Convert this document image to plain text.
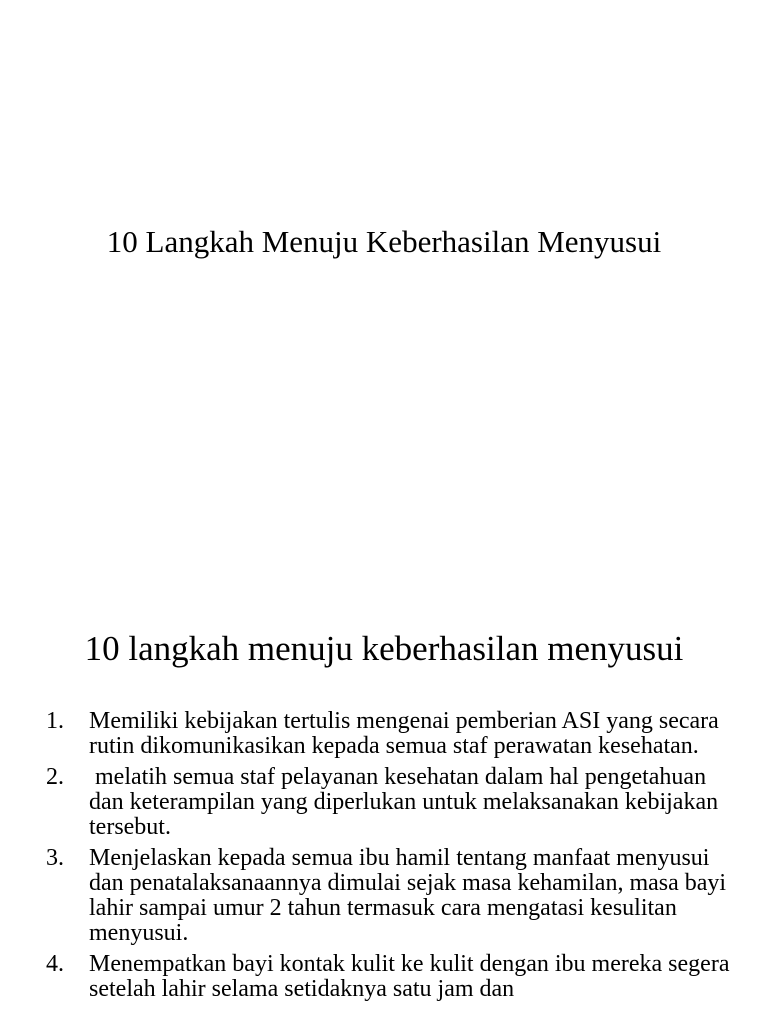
10 Langkah Menuju Keberhasilan Menyusui
10 langkah menuju keberhasilan menyusui
1. Memiliki kebijakan tertulis mengenai pemberian ASI yang secara rutin dikomunikasikan kepada semua staf perawatan kesehatan.
2. melatih semua staf pelayanan kesehatan dalam hal pengetahuan dan keterampilan yang diperlukan untuk melaksanakan kebijakan tersebut.
3. Menjelaskan kepada semua ibu hamil tentang manfaat menyusui dan penatalaksanaannya dimulai sejak masa kehamilan, masa bayi lahir sampai umur 2 tahun termasuk cara mengatasi kesulitan menyusui.
4. Menempatkan bayi kontak kulit ke kulit dengan ibu mereka segera setelah lahir selama setidaknya satu jam dan
